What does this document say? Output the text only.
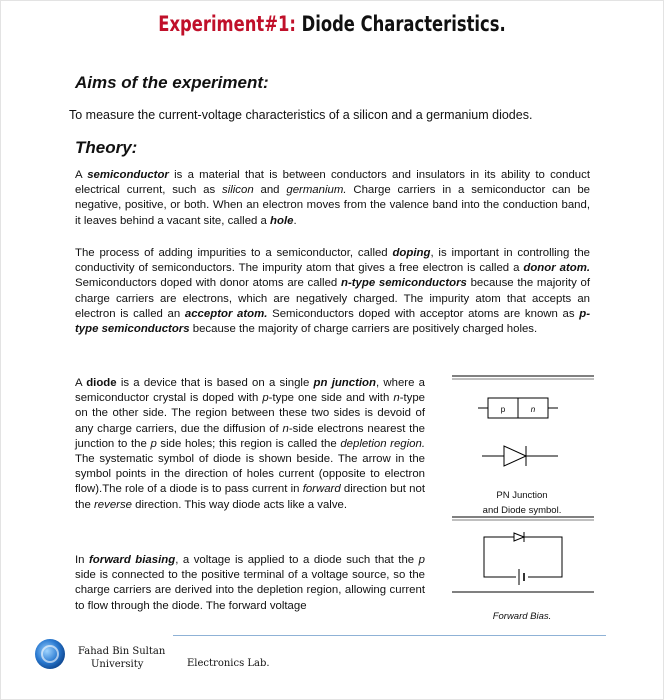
Experiment#1: Diode Characteristics.
Aims of the experiment:
To measure the current-voltage characteristics of a silicon and a germanium diodes.
Theory:
A semiconductor is a material that is between conductors and insulators in its ability to conduct electrical current, such as silicon and germanium. Charge carriers in a semiconductor can be negative, positive, or both. When an electron moves from the valence band into the conduction band, it leaves behind a vacant site, called a hole.
The process of adding impurities to a semiconductor, called doping, is important in controlling the conductivity of semiconductors. The impurity atom that gives a free electron is called a donor atom. Semiconductors doped with donor atoms are called n-type semiconductors because the majority of charge carriers are electrons, which are negatively charged. The impurity atom that accepts an electron is called an acceptor atom. Semiconductors doped with acceptor atoms are known as p-type semiconductors because the majority of charge carriers are positively charged holes.
A diode is a device that is based on a single pn junction, where a semiconductor crystal is doped with p-type one side and with n-type on the other side. The region between these two sides is devoid of any charge carriers, due the diffusion of n-side electrons nearest the junction to the p side holes; this region is called the depletion region. The systematic symbol of diode is shown beside. The arrow in the symbol points in the direction of holes current (opposite to electron flow).The role of a diode is to pass current in forward direction but not the reverse direction. This way diode acts like a valve.
In forward biasing, a voltage is applied to a diode such that the p side is connected to the positive terminal of a voltage source, so the charge carriers are derived into the depletion region, allowing current to flow through the diode. The forward voltage
p	n
PN Junction
and Diode symbol.
Forward Bias.
Fahad Bin Sultan
University	Electronics Lab.
